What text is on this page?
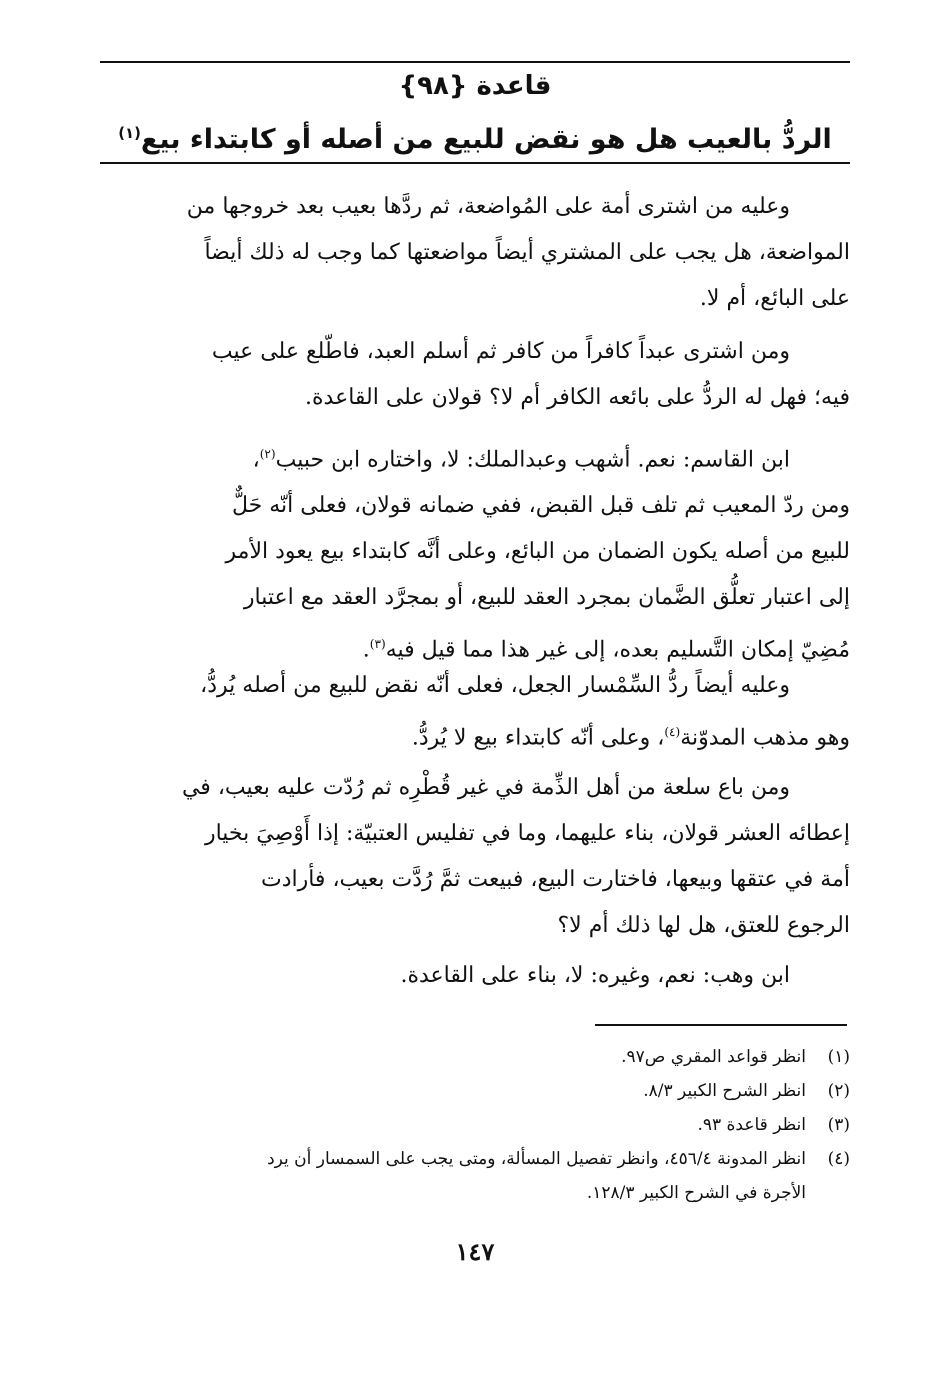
قاعدة {٩٨}
الردُّ بالعيب هل هو نقض للبيع من أصله أو كابتداء بيع$^{(١)}$
وعليه من اشترى أمة على المُواضعة، ثم ردَّها بعيب بعد خروجها من
المواضعة، هل يجب على المشتري أيضاً مواضعتها كما وجب له ذلك أيضاً
على البائع، أم لا.
ومن اشترى عبداً كافراً من كافر ثم أسلم العبد، فاطّلع على عيب
فيه؛ فهل له الردُّ على بائعه الكافر أم لا؟ قولان على القاعدة.
ابن القاسم: نعم. أشهب وعبدالملك: لا، واختاره ابن حبيب$^{(٢)}$،
ومن ردّ المعيب ثم تلف قبل القبض، ففي ضمانه قولان، فعلى أنّه حَلٌّ
للبيع من أصله يكون الضمان من البائع، وعلى أنَّه كابتداء بيع يعود الأمر
إلى اعتبار تعلُّق الضَّمان بمجرد العقد للبيع، أو بمجرَّد العقد مع اعتبار
مُضِيّ إمكان التَّسليم بعده، إلى غير هذا مما قيل فيه$^{(٣)}$.
وعليه أيضاً ردُّ السِّمْسار الجعل، فعلى أنّه نقض للبيع من أصله يُردُّ،
وهو مذهب المدوّنة$^{(٤)}$، وعلى أنّه كابتداء بيع لا يُردُّ.
ومن باع سلعة من أهل الذِّمة في غير قُطْرِه ثم رُدّت عليه بعيب، في
إعطائه العشر قولان، بناء عليهما، وما في تفليس العتبيّة: إذا أَوْصِيَ بخيار
أمة في عتقها وبيعها، فاختارت البيع، فبيعت ثمَّ رُدَّت بعيب، فأرادت
الرجوع للعتق، هل لها ذلك أم لا؟
ابن وهب: نعم، وغيره: لا، بناء على القاعدة.
(١)
انظر قواعد المقري ص٩٧.
(٢)
انظر الشرح الكبير ٨/٣.
(٣)
انظر قاعدة ٩٣.
(٤)
انظر المدونة ٤٥٦/٤، وانظر تفصيل المسألة، ومتى يجب على السمسار أن يرد
الأجرة في الشرح الكبير ١٢٨/٣.
١٤٧
